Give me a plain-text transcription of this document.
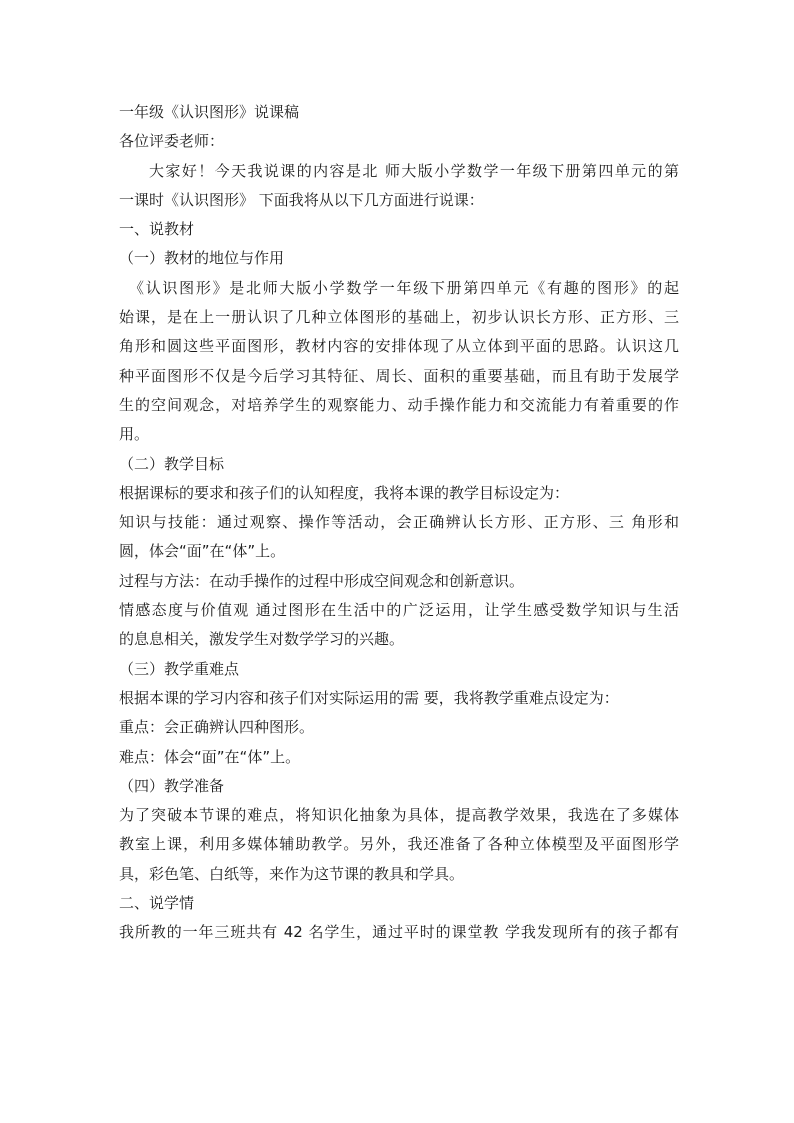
一年级《认识图形》说课稿
各位评委老师：
大家好！今天我说课的内容是北 师大版小学数学一年级下册第四单元的第
一课时《认识图形》 下面我将从以下几方面进行说课：
一、说教材
（一）教材的地位与作用
《认识图形》是北师大版小学数学一年级下册第四单元《有趣的图形》的起
始课，是在上一册认识了几种立体图形的基础上，初步认识长方形、正方形、三
角形和圆这些平面图形，教材内容的安排体现了从立体到平面的思路。认识这几
种平面图形不仅是今后学习其特征、周长、面积的重要基础，而且有助于发展学
生的空间观念，对培养学生的观察能力、动手操作能力和交流能力有着重要的作
用。
（二）教学目标
根据课标的要求和孩子们的认知程度，我将本课的教学目标设定为：
知识与技能：通过观察、操作等活动，会正确辨认长方形、正方形、三 角形和
圆，体会“面”在“体”上。
过程与方法：在动手操作的过程中形成空间观念和创新意识。
情感态度与价值观 通过图形在生活中的广泛运用，让学生感受数学知识与生活
的息息相关，激发学生对数学学习的兴趣。
（三）教学重难点
根据本课的学习内容和孩子们对实际运用的需 要，我将教学重难点设定为：
重点：会正确辨认四种图形。
难点：体会“面”在“体”上。
（四）教学准备
为了突破本节课的难点，将知识化抽象为具体，提高教学效果，我选在了多媒体
教室上课，利用多媒体辅助教学。另外，我还准备了各种立体模型及平面图形学
具，彩色笔、白纸等，来作为这节课的教具和学具。
二、说学情
我所教的一年三班共有 42 名学生，通过平时的课堂教 学我发现所有的孩子都有
